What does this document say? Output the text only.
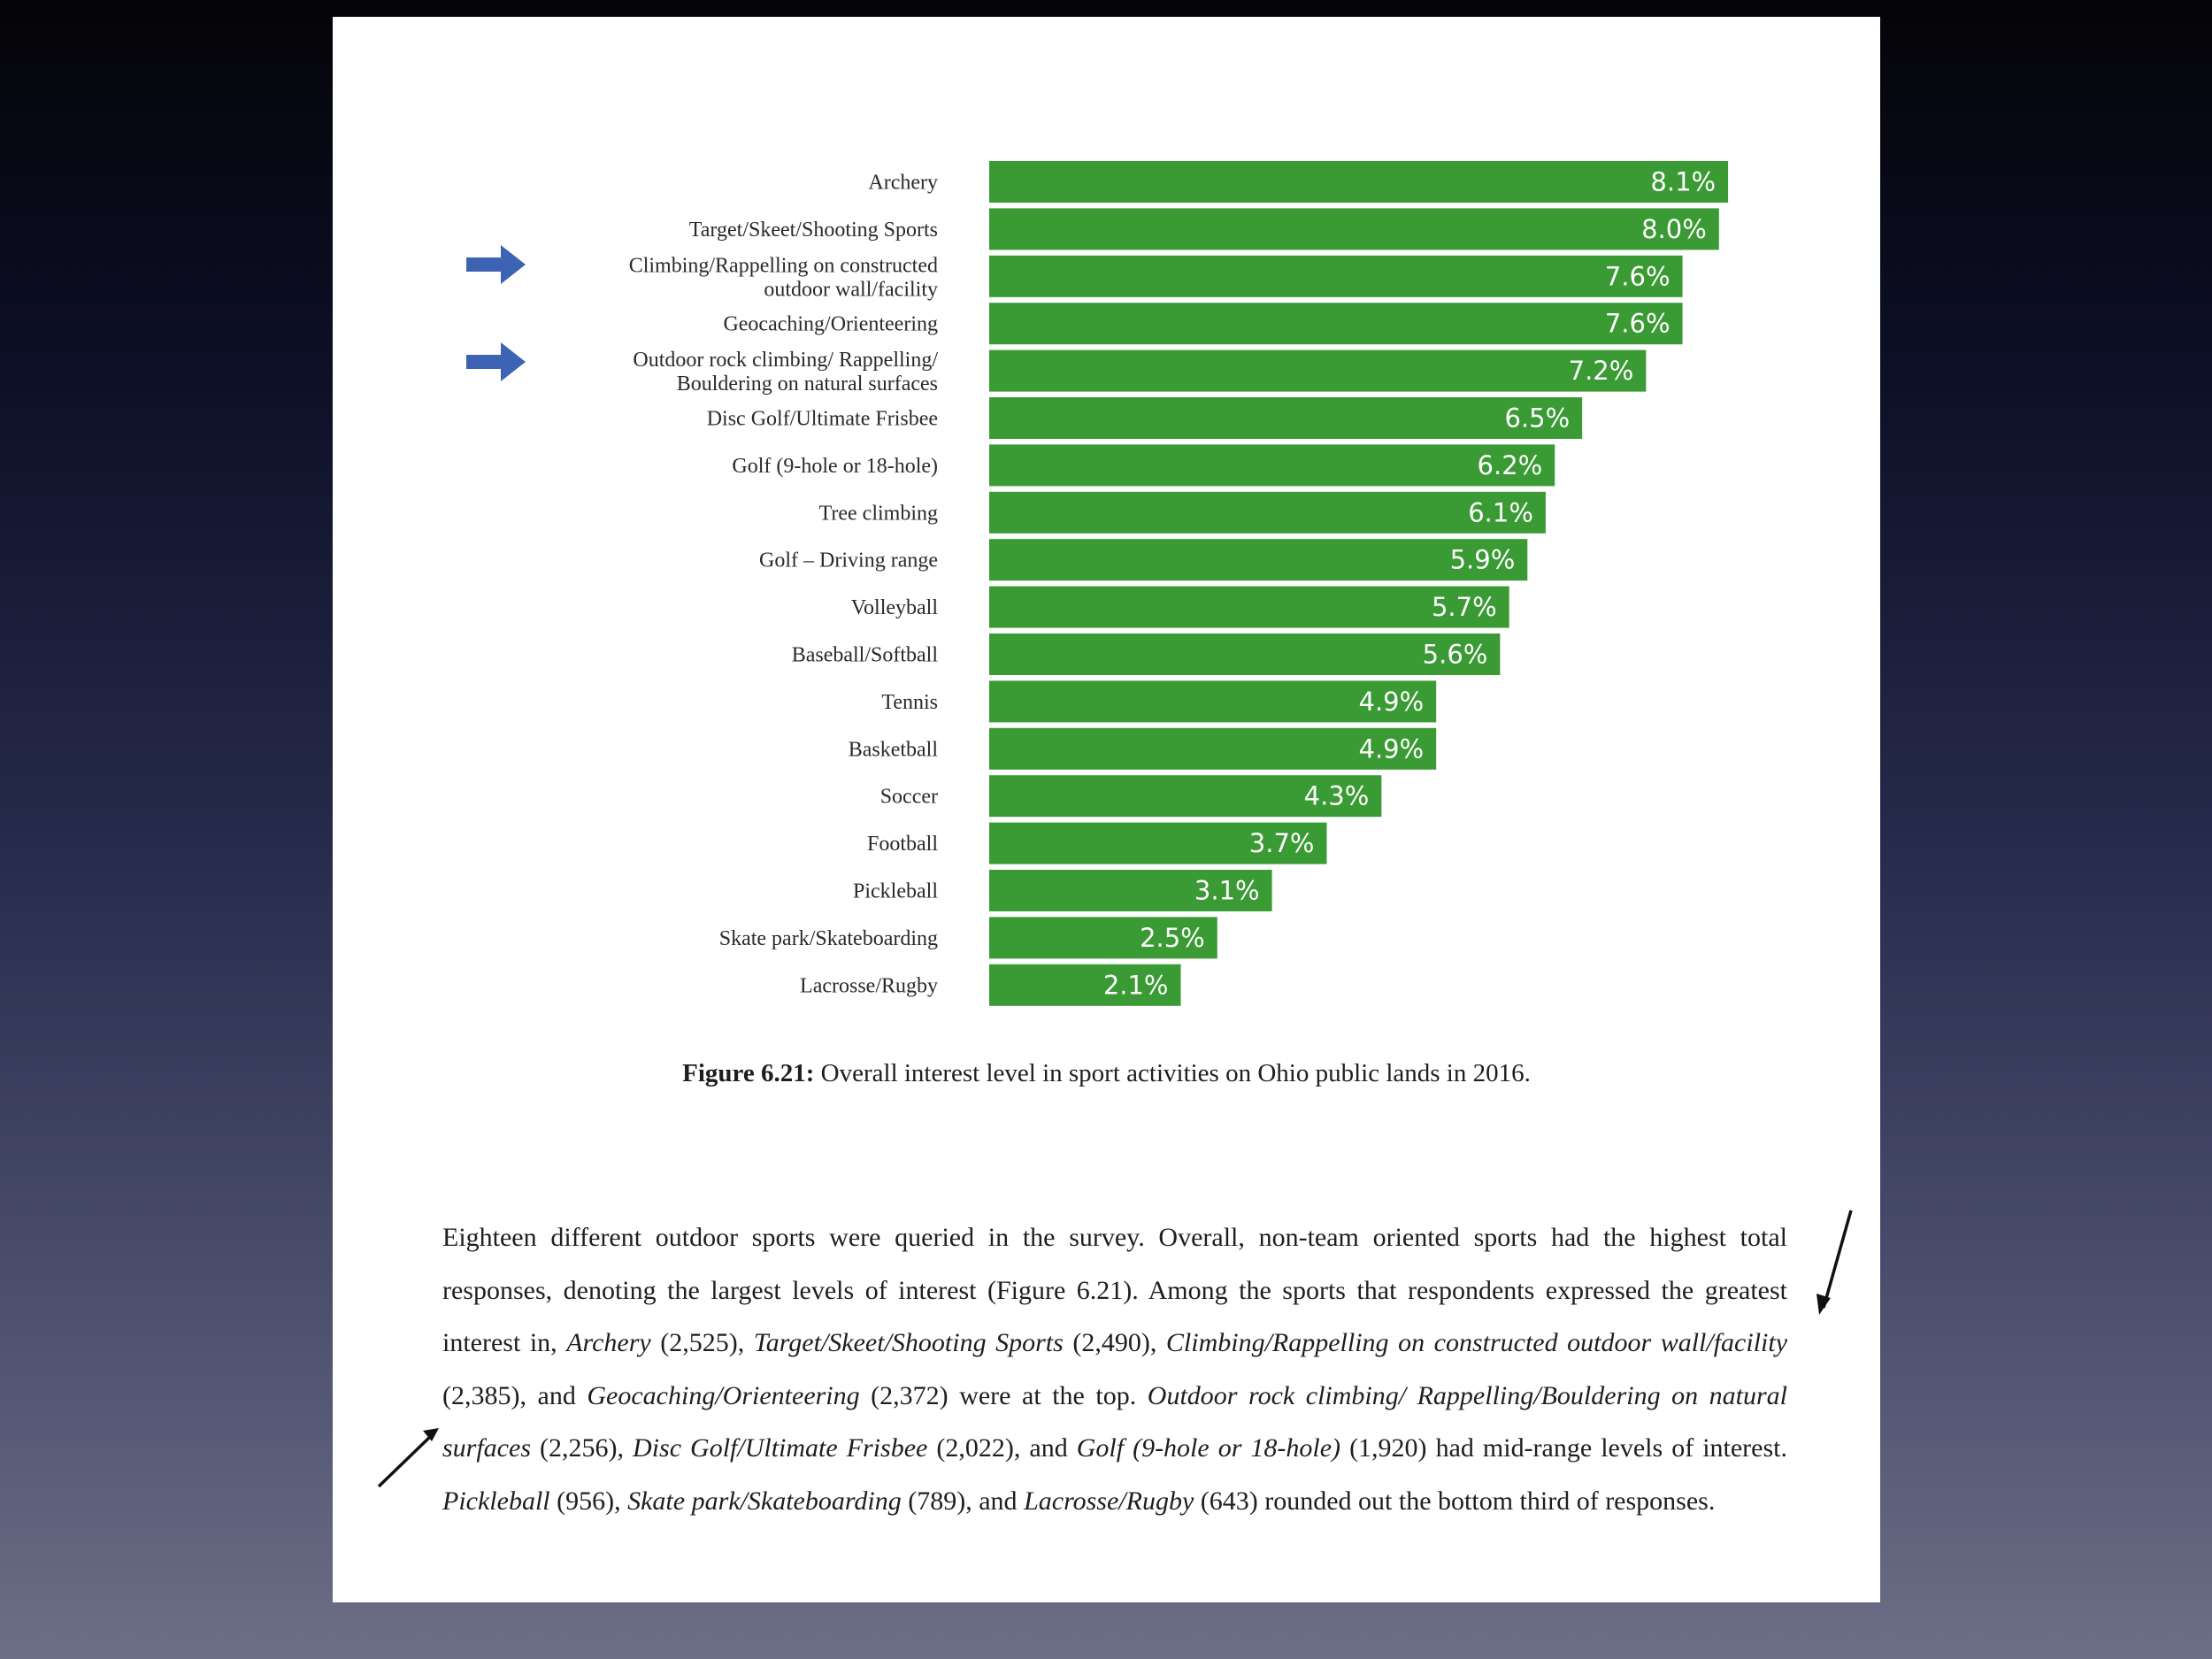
8.1%
Archery
8.0%
Target/Skeet/Shooting Sports
7.6%
Climbing/Rappelling on constructed
outdoor wall/facility
7.6%
Geocaching/Orienteering
7.2%
Outdoor rock climbing/ Rappelling/
Bouldering on natural surfaces
6.5%
Disc Golf/Ultimate Frisbee
6.2%
Golf (9-hole or 18-hole)
6.1%
Tree climbing
5.9%
Golf – Driving range
5.7%
Volleyball
5.6%
Baseball/Softball
4.9%
Tennis
4.9%
Basketball
4.3%
Soccer
3.7%
Football
3.1%
Pickleball
2.5%
Skate park/Skateboarding
2.1%
Lacrosse/Rugby
Figure 6.21: Overall interest level in sport activities on Ohio public lands in 2016.
Eighteen different outdoor sports were queried in the survey. Overall, non-team oriented sports had the highest total responses, denoting the largest levels of interest (Figure 6.21). Among the sports that respondents expressed the greatest interest in, Archery (2,525), Target/Skeet/Shooting Sports (2,490), Climbing/Rappelling on constructed outdoor wall/facility (2,385), and Geocaching/Orienteering (2,372) were at the top. Outdoor rock climbing/ Rappelling/Bouldering on natural surfaces (2,256), Disc Golf/Ultimate Frisbee (2,022), and Golf (9-hole or 18-hole) (1,920) had mid-range levels of interest. Pickleball (956), Skate park/Skateboarding (789), and Lacrosse/Rugby (643) rounded out the bottom third of responses.
